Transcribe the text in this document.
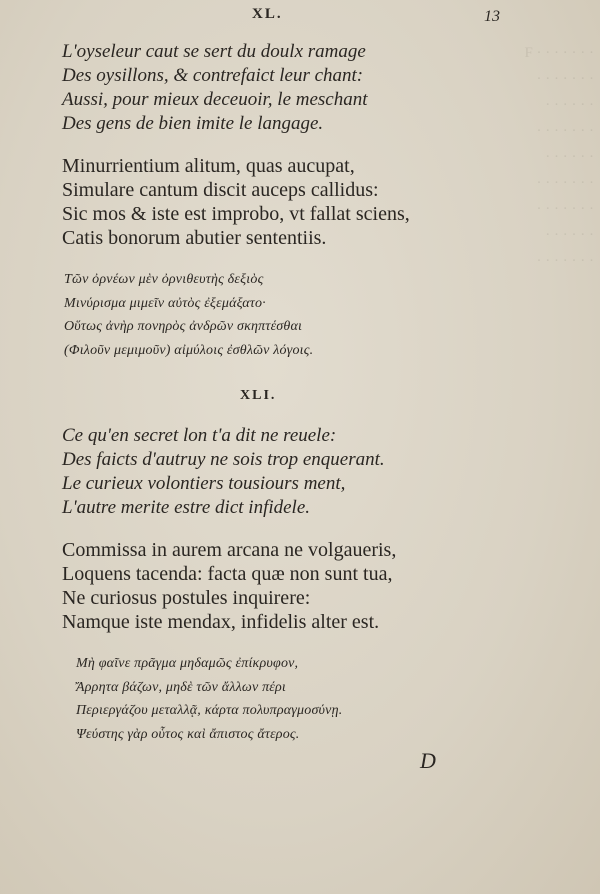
F · · · · · · ·
· · · · · · ·
· · · · · ·
· · · · · · ·
· · · · · ·
· · · · · · ·
· · · · · · ·
· · · · · ·
· · · · · · ·
XL.	13
L'oyseleur caut se sert du doulx ramage
Des oysillons, & contrefaict leur chant:
Aussi, pour mieux deceuoir, le meschant
Des gens de bien imite le langage.
Minurrientium alitum, quas aucupat,
Simulare cantum discit auceps callidus:
Sic mos & iste est improbo, vt fallat sciens,
Catis bonorum abutier sententiis.
Τῶν ὀρνέων μὲν ὀρνιθευτὴς δεξιὸς
Μινύρισμα μιμεῖν αὐτὸς ἐξεμάξατο·
Οὕτως ἀνὴρ πονηρὸς ἀνδρῶν σκηπτέσθαι
(Φιλοῦν μεμιμοῦν) αἰμύλοις ἐσθλῶν λόγοις.
XLI.
Ce qu'en secret lon t'a dit ne reuele:
Des faicts d'autruy ne sois trop enquerant.
Le curieux volontiers tousiours ment,
L'autre merite estre dict infidele.
Commissa in aurem arcana ne volgaueris,
Loquens tacenda: facta quæ non sunt tua,
Ne curiosus postules inquirere:
Namque iste mendax, infidelis alter est.
Μὴ φαῖνε πρᾶγμα μηδαμῶς ἐπίκρυφον,
Ἄρρητα βάζων, μηδὲ τῶν ἄλλων πέρι
Περιεργάζου μεταλλᾷ, κάρτα πολυπραγμοσύνῃ.
Ψεύστης γὰρ οὗτος καὶ ἄπιστος ἄτερος.
D
